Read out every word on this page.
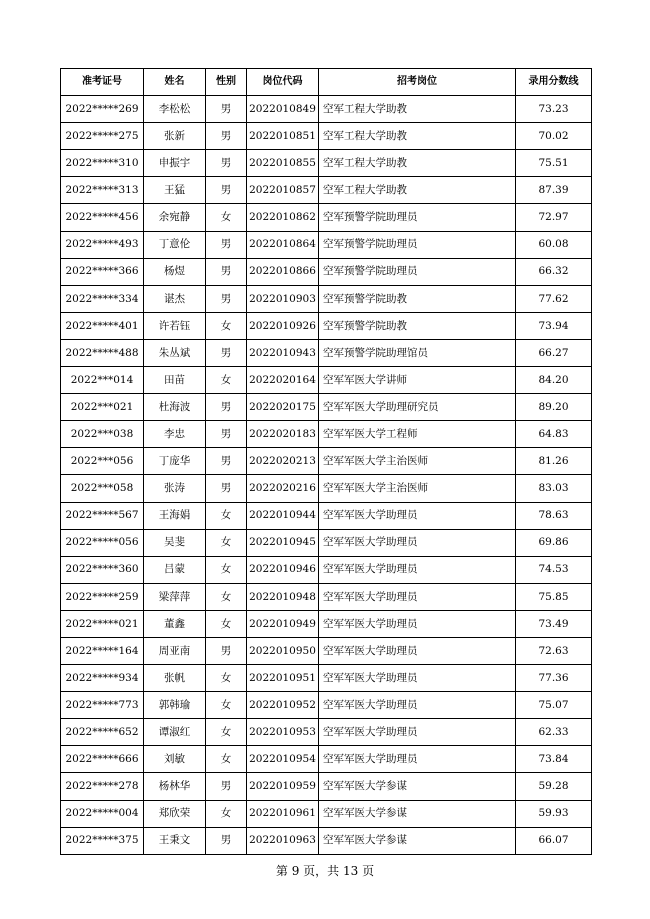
准考证号	姓名	性别	岗位代码	招考岗位	录用分数线
2022*****269	李松松	男	2022010849	空军工程大学助教	73.23
2022*****275	张新	男	2022010851	空军工程大学助教	70.02
2022*****310	申振宇	男	2022010855	空军工程大学助教	75.51
2022*****313	王猛	男	2022010857	空军工程大学助教	87.39
2022*****456	余宛静	女	2022010862	空军预警学院助理员	72.97
2022*****493	丁意伦	男	2022010864	空军预警学院助理员	60.08
2022*****366	杨煜	男	2022010866	空军预警学院助理员	66.32
2022*****334	谌杰	男	2022010903	空军预警学院助教	77.62
2022*****401	许若钰	女	2022010926	空军预警学院助教	73.94
2022*****488	朱丛斌	男	2022010943	空军预警学院助理馆员	66.27
2022***014	田苗	女	2022020164	空军军医大学讲师	84.20
2022***021	杜海波	男	2022020175	空军军医大学助理研究员	89.20
2022***038	李忠	男	2022020183	空军军医大学工程师	64.83
2022***056	丁庞华	男	2022020213	空军军医大学主治医师	81.26
2022***058	张涛	男	2022020216	空军军医大学主治医师	83.03
2022*****567	王海娟	女	2022010944	空军军医大学助理员	78.63
2022*****056	吴斐	女	2022010945	空军军医大学助理员	69.86
2022*****360	吕蒙	女	2022010946	空军军医大学助理员	74.53
2022*****259	梁萍萍	女	2022010948	空军军医大学助理员	75.85
2022*****021	董鑫	女	2022010949	空军军医大学助理员	73.49
2022*****164	周亚南	男	2022010950	空军军医大学助理员	72.63
2022*****934	张帆	女	2022010951	空军军医大学助理员	77.36
2022*****773	郭韩瑜	女	2022010952	空军军医大学助理员	75.07
2022*****652	谭淑红	女	2022010953	空军军医大学助理员	62.33
2022*****666	刘敏	女	2022010954	空军军医大学助理员	73.84
2022*****278	杨林华	男	2022010959	空军军医大学参谋	59.28
2022*****004	郑欣荣	女	2022010961	空军军医大学参谋	59.93
2022*****375	王秉文	男	2022010963	空军军医大学参谋	66.07
第 9 页，共 13 页
